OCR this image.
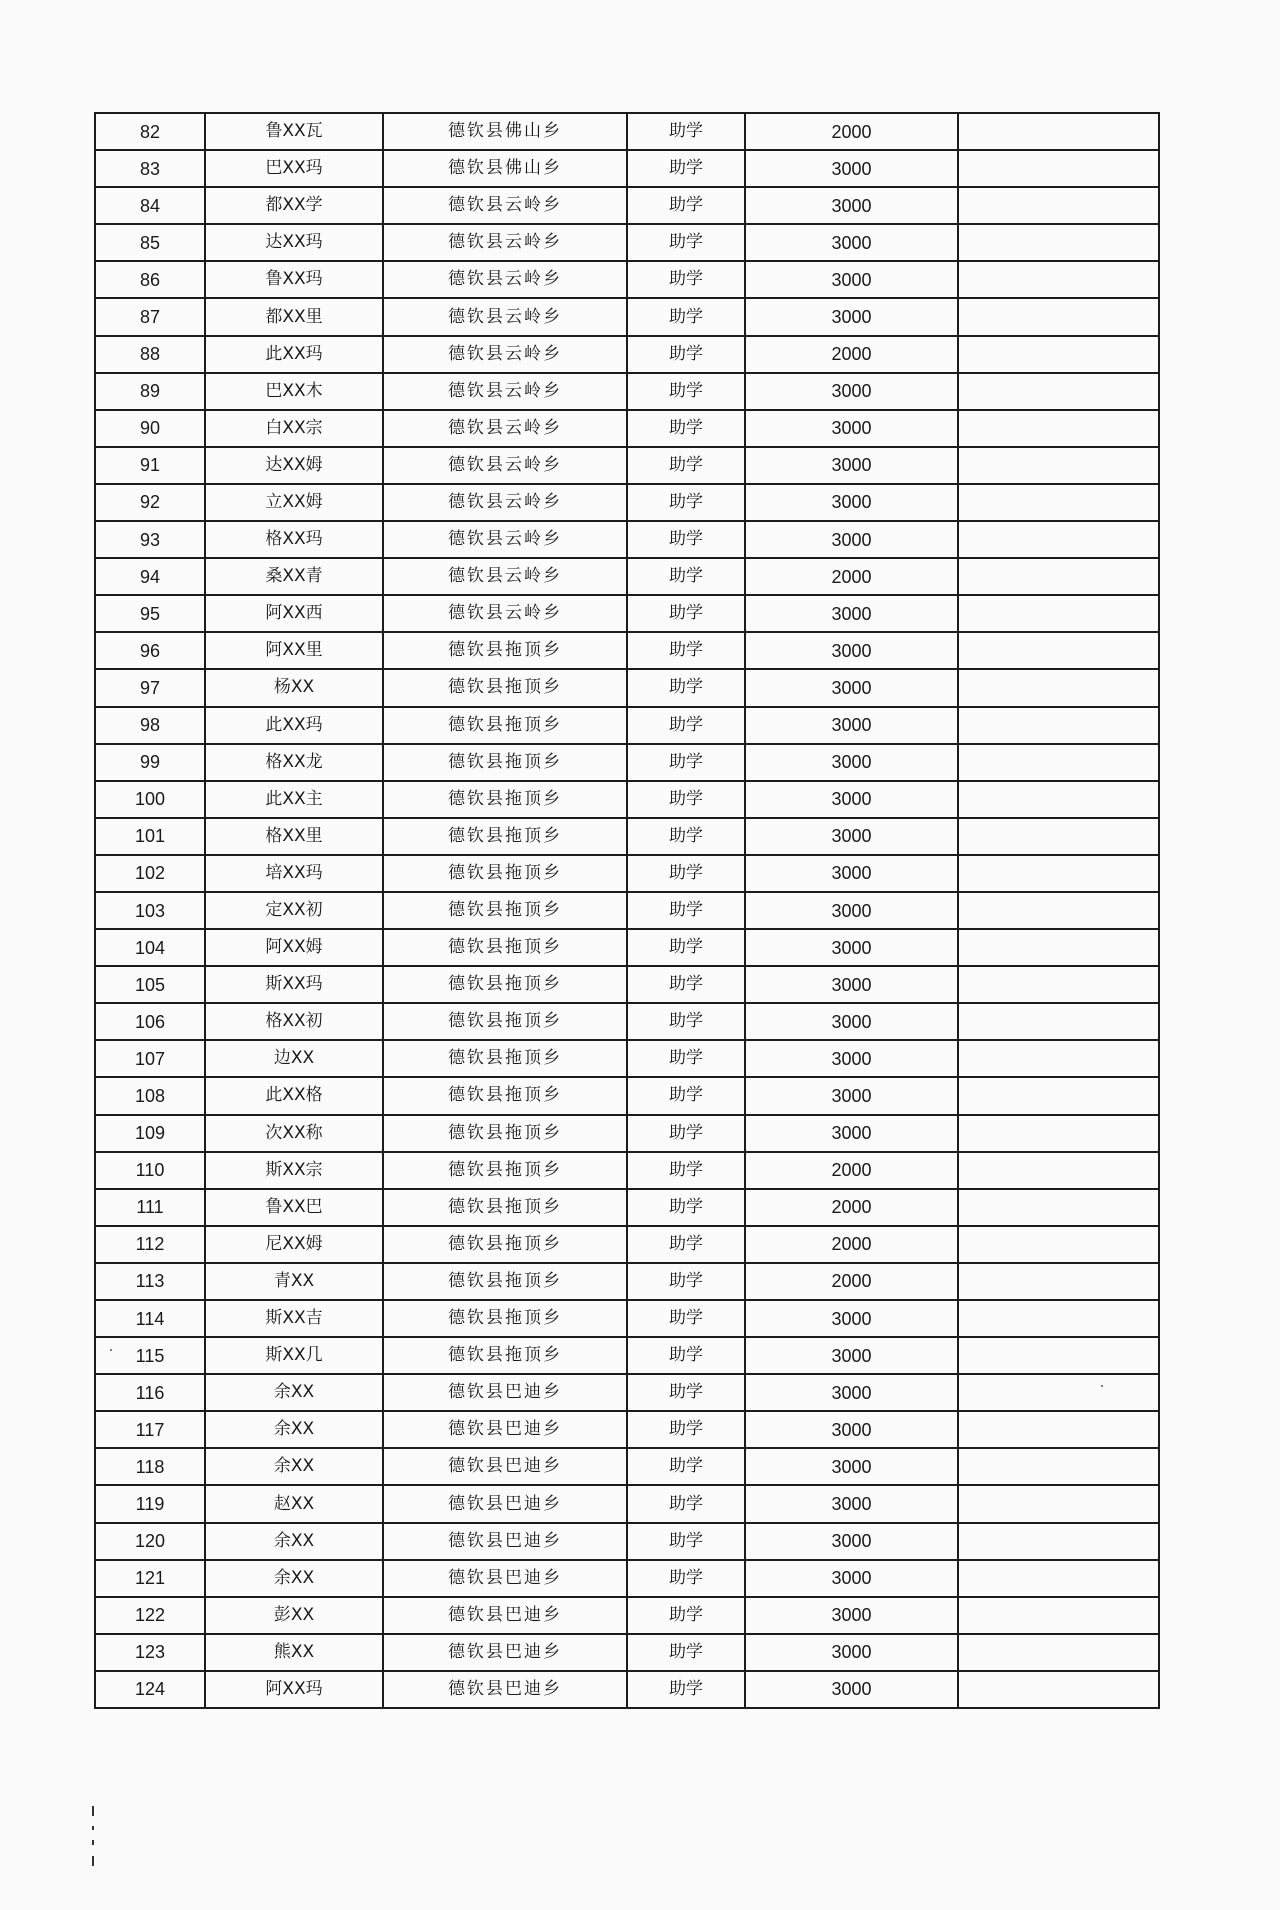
82	鲁XX瓦	德钦县佛山乡	助学	2000	
83	巴XX玛	德钦县佛山乡	助学	3000	
84	都XX学	德钦县云岭乡	助学	3000	
85	达XX玛	德钦县云岭乡	助学	3000	
86	鲁XX玛	德钦县云岭乡	助学	3000	
87	都XX里	德钦县云岭乡	助学	3000	
88	此XX玛	德钦县云岭乡	助学	2000	
89	巴XX木	德钦县云岭乡	助学	3000	
90	白XX宗	德钦县云岭乡	助学	3000	
91	达XX姆	德钦县云岭乡	助学	3000	
92	立XX姆	德钦县云岭乡	助学	3000	
93	格XX玛	德钦县云岭乡	助学	3000	
94	桑XX青	德钦县云岭乡	助学	2000	
95	阿XX西	德钦县云岭乡	助学	3000	
96	阿XX里	德钦县拖顶乡	助学	3000	
97	杨XX	德钦县拖顶乡	助学	3000	
98	此XX玛	德钦县拖顶乡	助学	3000	
99	格XX龙	德钦县拖顶乡	助学	3000	
100	此XX主	德钦县拖顶乡	助学	3000	
101	格XX里	德钦县拖顶乡	助学	3000	
102	培XX玛	德钦县拖顶乡	助学	3000	
103	定XX初	德钦县拖顶乡	助学	3000	
104	阿XX姆	德钦县拖顶乡	助学	3000	
105	斯XX玛	德钦县拖顶乡	助学	3000	
106	格XX初	德钦县拖顶乡	助学	3000	
107	边XX	德钦县拖顶乡	助学	3000	
108	此XX格	德钦县拖顶乡	助学	3000	
109	次XX称	德钦县拖顶乡	助学	3000	
110	斯XX宗	德钦县拖顶乡	助学	2000	
111	鲁XX巴	德钦县拖顶乡	助学	2000	
112	尼XX姆	德钦县拖顶乡	助学	2000	
113	青XX	德钦县拖顶乡	助学	2000	
114	斯XX吉	德钦县拖顶乡	助学	3000	
115	斯XX几	德钦县拖顶乡	助学	3000	
116	余XX	德钦县巴迪乡	助学	3000	
117	余XX	德钦县巴迪乡	助学	3000	
118	余XX	德钦县巴迪乡	助学	3000	
119	赵XX	德钦县巴迪乡	助学	3000	
120	余XX	德钦县巴迪乡	助学	3000	
121	余XX	德钦县巴迪乡	助学	3000	
122	彭XX	德钦县巴迪乡	助学	3000	
123	熊XX	德钦县巴迪乡	助学	3000	
124	阿XX玛	德钦县巴迪乡	助学	3000	
